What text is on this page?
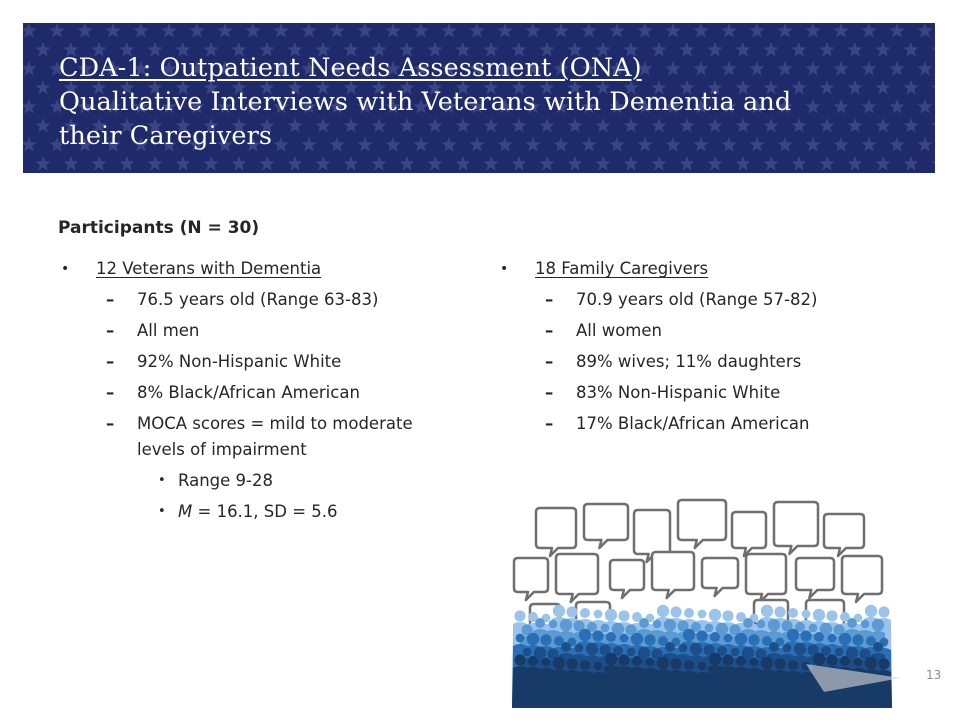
CDA-1: Outpatient Needs Assessment (ONA)
Qualitative Interviews with Veterans with Dementia and
their Caregivers
Participants (N = 30)
• 12 Veterans with Dementia
– 76.5 years old (Range 63-83)
– All men
– 92% Non-Hispanic White
– 8% Black/African American
– MOCA scores = mild to moderate levels of impairment
• Range 9-28
• M = 16.1, SD = 5.6
• 18 Family Caregivers
– 70.9 years old (Range 57-82)
– All women
– 89% wives; 11% daughters
– 83% Non-Hispanic White
– 17% Black/African American
13
